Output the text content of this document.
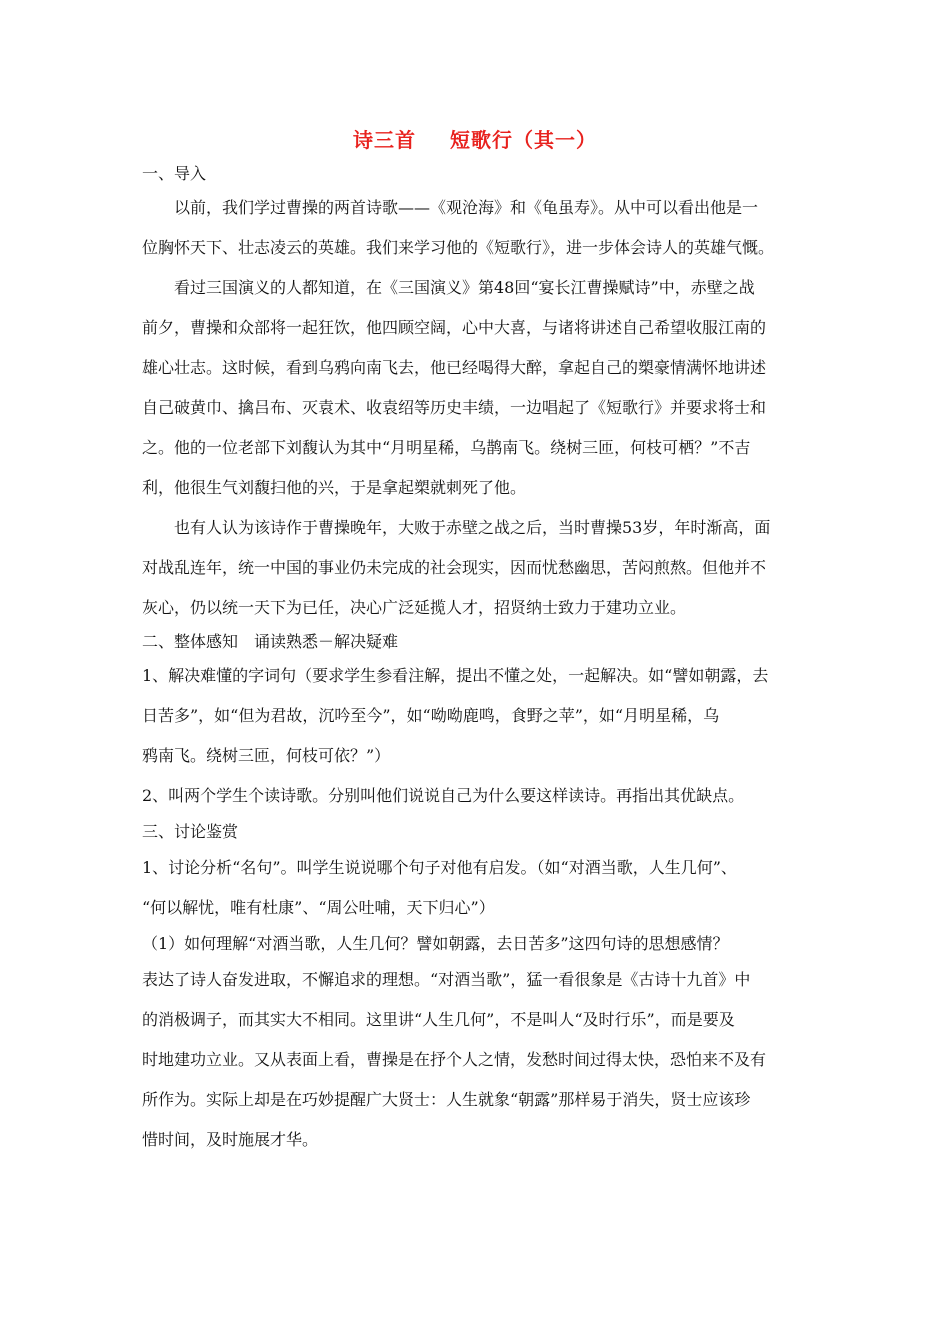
诗三首 短歌行（其一）
一、导入
以前，我们学过曹操的两首诗歌——《观沧海》和《龟虽寿》。从中可以看出他是一
位胸怀天下、壮志凌云的英雄。我们来学习他的《短歌行》，进一步体会诗人的英雄气慨。
看过三国演义的人都知道，在《三国演义》第48回“宴长江曹操赋诗”中，赤壁之战
前夕，曹操和众部将一起狂饮，他四顾空阔，心中大喜，与诸将讲述自己希望收服江南的
雄心壮志。这时候，看到乌鸦向南飞去，他已经喝得大醉，拿起自己的槊豪情满怀地讲述
自己破黄巾、擒吕布、灭袁术、收袁绍等历史丰绩，一边唱起了《短歌行》并要求将士和
之。他的一位老部下刘馥认为其中“月明星稀，乌鹊南飞。绕树三匝，何枝可栖？”不吉
利，他很生气刘馥扫他的兴，于是拿起槊就刺死了他。
也有人认为该诗作于曹操晚年，大败于赤壁之战之后，当时曹操53岁，年时渐高，面
对战乱连年，统一中国的事业仍未完成的社会现实，因而忧愁幽思，苦闷煎熬。但他并不
灰心，仍以统一天下为已任，决心广泛延揽人才，招贤纳士致力于建功立业。
二、整体感知　诵读熟悉－解决疑难
1、解决难懂的字词句（要求学生参看注解，提出不懂之处，一起解决。如“譬如朝露，去
日苦多”，如“但为君故，沉吟至今”，如“呦呦鹿鸣，食野之苹”，如“月明星稀，乌
鸦南飞。绕树三匝，何枝可依？”）
2、叫两个学生个读诗歌。分别叫他们说说自己为什么要这样读诗。再指出其优缺点。
三、讨论鉴赏
1、讨论分析“名句”。叫学生说说哪个句子对他有启发。（如“对酒当歌，人生几何”、
“何以解忧，唯有杜康”、“周公吐哺，天下归心”）
（1）如何理解“对酒当歌，人生几何？譬如朝露，去日苦多”这四句诗的思想感情？
表达了诗人奋发进取，不懈追求的理想。“对酒当歌”，猛一看很象是《古诗十九首》中
的消极调子，而其实大不相同。这里讲“人生几何”，不是叫人“及时行乐”，而是要及
时地建功立业。又从表面上看，曹操是在抒个人之情，发愁时间过得太快，恐怕来不及有
所作为。实际上却是在巧妙提醒广大贤士：人生就象“朝露”那样易于消失，贤士应该珍
惜时间，及时施展才华。
